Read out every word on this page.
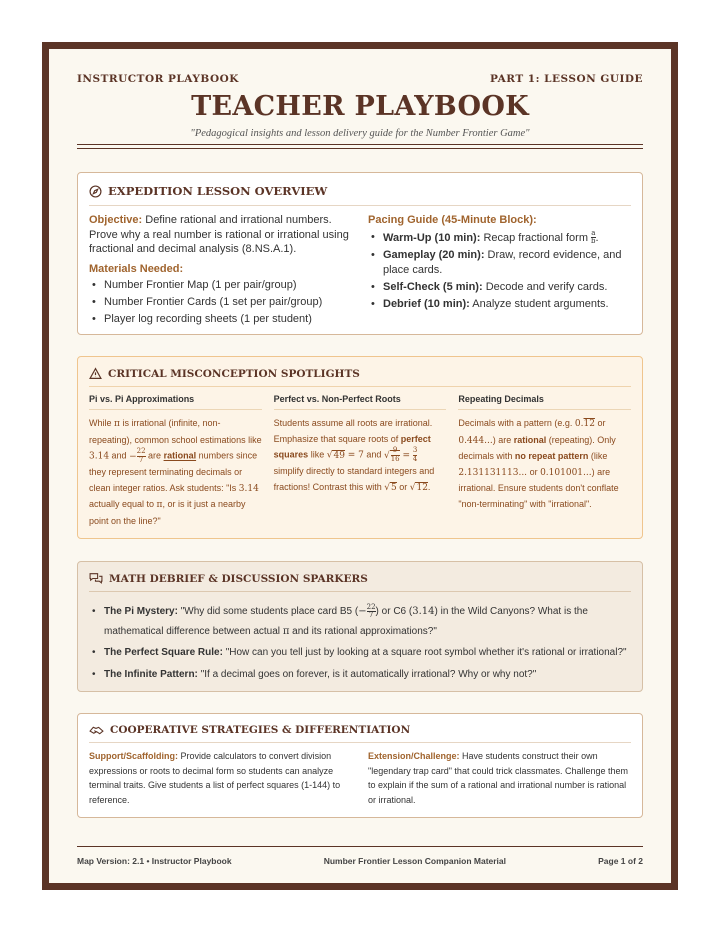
INSTRUCTOR PLAYBOOK	PART 1: LESSON GUIDE
TEACHER PLAYBOOK
"Pedagogical insights and lesson delivery guide for the Number Frontier Game"
EXPEDITION LESSON OVERVIEW
Objective: Define rational and irrational numbers. Prove why a real number is rational or irrational using fractional and decimal analysis (8.NS.A.1).
Materials Needed:
• Number Frontier Map (1 per pair/group)
• Number Frontier Cards (1 set per pair/group)
• Player log recording sheets (1 per student)
Pacing Guide (45-Minute Block):
• Warm-Up (10 min): Recap fractional form $\frac{a}{b}$ .
• Gameplay (20 min): Draw, record evidence, and place cards.
• Self-Check (5 min): Decode and verify cards.
• Debrief (10 min): Analyze student arguments.
CRITICAL MISCONCEPTION SPOTLIGHTS
Pi vs. Pi Approximations
While π is irrational (infinite, non-repeating), common school estimations like 3.14 and − $\frac{22}{7}$ are rational numbers since they represent terminating decimals or clean integer ratios. Ask students: "Is 3.14 actually equal to π, or is it just a nearby point on the line?"
Perfect vs. Non-Perfect Roots
Students assume all roots are irrational. Emphasize that square roots of perfect squares like √49 = 7 and √ $\frac{9}{16} = \frac{3}{4}$
simplify directly to standard integers and fractions! Contrast this with √5 or √12.
Repeating Decimals
Decimals with a pattern (e.g. 0.12 or 0.444...) are rational (repeating). Only decimals with no repeat pattern (like 2.131131113... or 0.101001...) are irrational. Ensure students don't conflate "non-terminating" with "irrational".
MATH DEBRIEF & DISCUSSION SPARKERS
• The Pi Mystery: "Why did some students place card B5 (− $\frac{22}{7}$ ) or C6 (3.14) in the Wild Canyons? What is the mathematical difference between actual π and its rational approximations?"
• The Perfect Square Rule: "How can you tell just by looking at a square root symbol whether it's rational or irrational?"
• The Infinite Pattern: "If a decimal goes on forever, is it automatically irrational? Why or why not?"
COOPERATIVE STRATEGIES & DIFFERENTIATION
Support/Scaffolding: Provide calculators to convert division expressions or roots to decimal form so students can analyze terminal traits. Give students a list of perfect squares (1-144) to reference.
Extension/Challenge: Have students construct their own "legendary trap card" that could trick classmates. Challenge them to explain if the sum of a rational and irrational number is rational or irrational.
Map Version: 2.1 • Instructor Playbook	Number Frontier Lesson Companion Material	Page 1 of 2
